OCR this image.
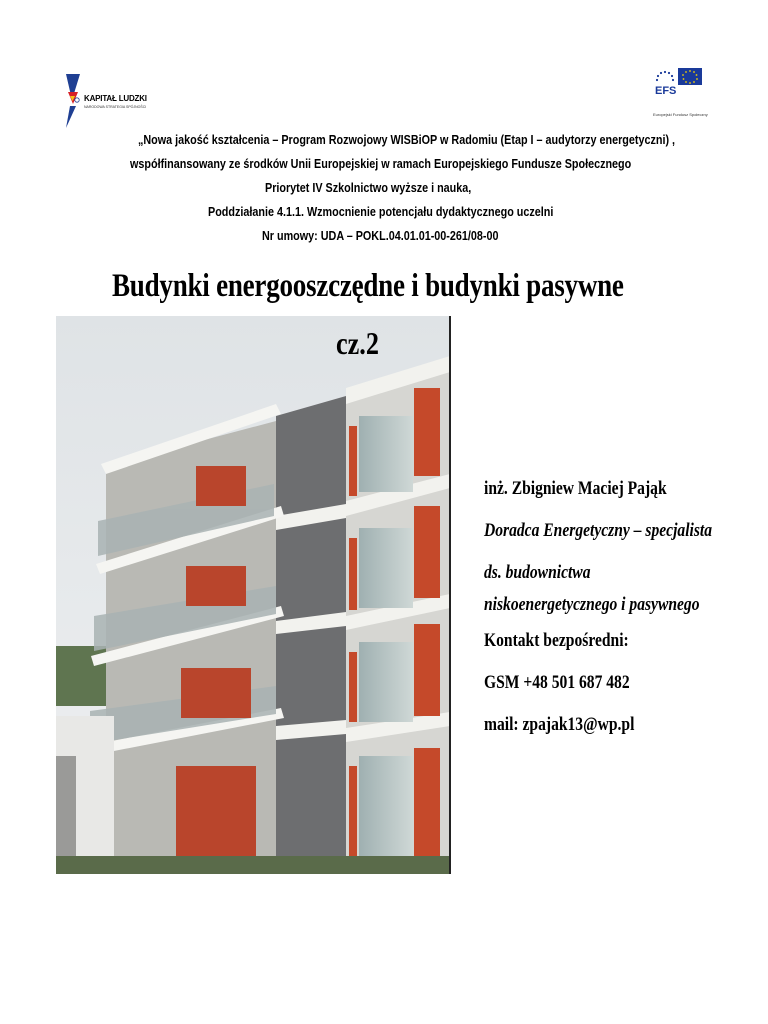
KAPITAŁ LUDZKI
NARODOWA STRATEGIA SPÓJNOŚCI
EFS
Europejski Fundusz Społeczny
„Nowa jakość kształcenia – Program Rozwojowy WISBiOP w Radomiu (Etap I – audytorzy energetyczni) ,
współfinansowany ze środków Unii Europejskiej w ramach Europejskiego Fundusze Społecznego
Priorytet IV Szkolnictwo wyższe i nauka,
Poddziałanie 4.1.1. Wzmocnienie potencjału dydaktycznego uczelni
Nr umowy: UDA – POKL.04.01.01-00-261/08-00
Budynki energooszczędne i budynki pasywne
cz.2
inż. Zbigniew Maciej Pająk
Doradca Energetyczny – specjalista
ds. budownictwa
niskoenergetycznego i pasywnego
Kontakt bezpośredni:
GSM +48 501 687 482
mail: zpajak13@wp.pl
